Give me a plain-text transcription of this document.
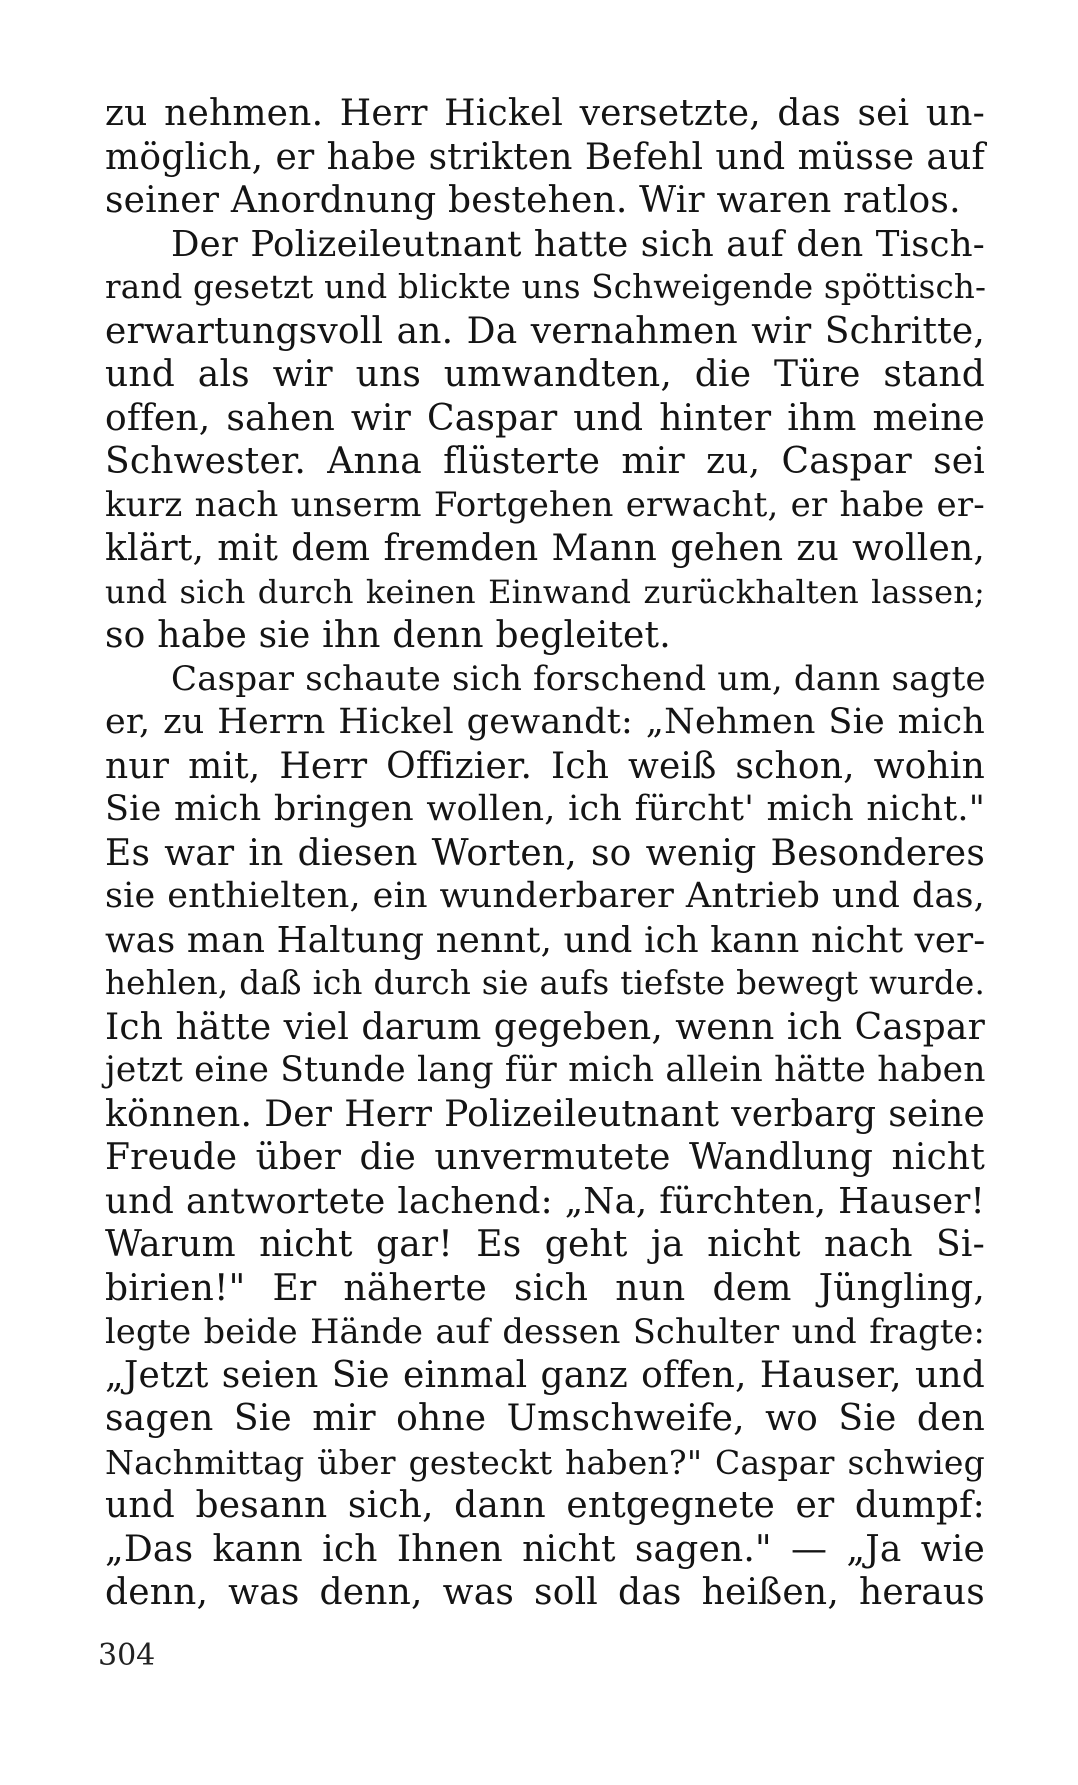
zu nehmen. Herr Hickel versetzte, das sei un-
möglich, er habe strikten Befehl und müsse auf
seiner Anordnung bestehen. Wir waren ratlos.
Der Polizeileutnant hatte sich auf den Tisch-
rand gesetzt und blickte uns Schweigende spöttisch-
erwartungsvoll an. Da vernahmen wir Schritte,
und als wir uns umwandten, die Türe stand
offen, sahen wir Caspar und hinter ihm meine
Schwester. Anna flüsterte mir zu, Caspar sei
kurz nach unserm Fortgehen erwacht, er habe er-
klärt, mit dem fremden Mann gehen zu wollen,
und sich durch keinen Einwand zurückhalten lassen;
so habe sie ihn denn begleitet.
Caspar schaute sich forschend um, dann sagte
er, zu Herrn Hickel gewandt: „Nehmen Sie mich
nur mit, Herr Offizier. Ich weiß schon, wohin
Sie mich bringen wollen, ich fürcht' mich nicht."
Es war in diesen Worten, so wenig Besonderes
sie enthielten, ein wunderbarer Antrieb und das,
was man Haltung nennt, und ich kann nicht ver-
hehlen, daß ich durch sie aufs tiefste bewegt wurde.
Ich hätte viel darum gegeben, wenn ich Caspar
jetzt eine Stunde lang für mich allein hätte haben
können. Der Herr Polizeileutnant verbarg seine
Freude über die unvermutete Wandlung nicht
und antwortete lachend: „Na, fürchten, Hauser!
Warum nicht gar! Es geht ja nicht nach Si-
birien!" Er näherte sich nun dem Jüngling,
legte beide Hände auf dessen Schulter und fragte:
„Jetzt seien Sie einmal ganz offen, Hauser, und
sagen Sie mir ohne Umschweife, wo Sie den
Nachmittag über gesteckt haben?" Caspar schwieg
und besann sich, dann entgegnete er dumpf:
„Das kann ich Ihnen nicht sagen." — „Ja wie
denn, was denn, was soll das heißen, heraus
304
